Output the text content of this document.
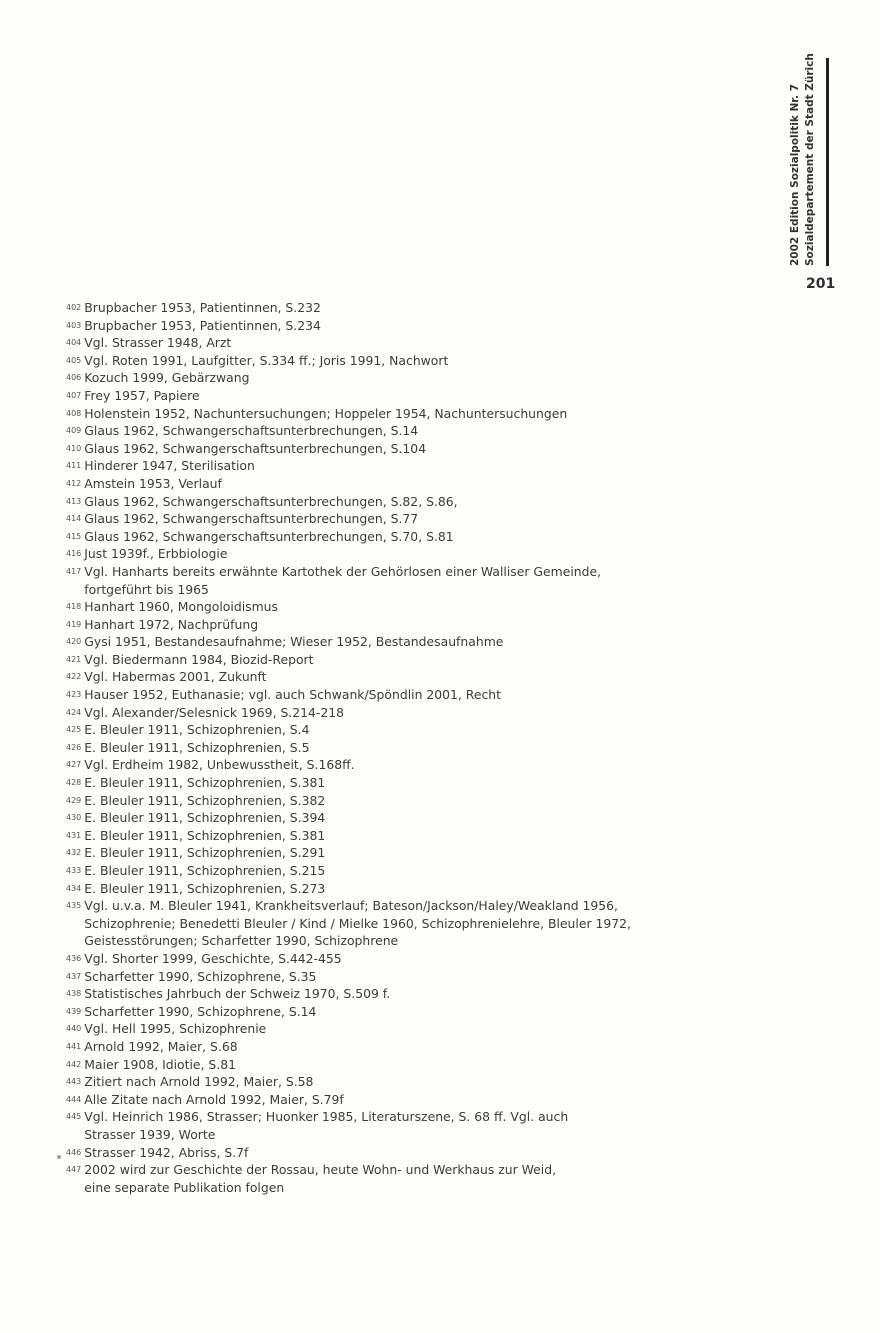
2002 Edition Sozialpolitik Nr. 7 Sozialdepartement der Stadt Zürich
201
402 Brupbacher 1953, Patientinnen, S.232
403 Brupbacher 1953, Patientinnen, S.234
404 Vgl. Strasser 1948, Arzt
405 Vgl. Roten 1991, Laufgitter, S.334 ff.; Joris 1991, Nachwort
406 Kozuch 1999, Gebärzwang
407 Frey 1957, Papiere
408 Holenstein 1952, Nachuntersuchungen; Hoppeler 1954, Nachuntersuchungen
409 Glaus 1962, Schwangerschaftsunterbrechungen, S.14
410 Glaus 1962, Schwangerschaftsunterbrechungen, S.104
411 Hinderer 1947, Sterilisation
412 Amstein 1953, Verlauf
413 Glaus 1962, Schwangerschaftsunterbrechungen, S.82, S.86,
414 Glaus 1962, Schwangerschaftsunterbrechungen, S.77
415 Glaus 1962, Schwangerschaftsunterbrechungen, S.70, S.81
416 Just 1939f., Erbbiologie
417 Vgl. Hanharts bereits erwähnte Kartothek der Gehörlosen einer Walliser Gemeinde,
fortgeführt bis 1965
418 Hanhart 1960, Mongoloidismus
419 Hanhart 1972, Nachprüfung
420 Gysi 1951, Bestandesaufnahme; Wieser 1952, Bestandesaufnahme
421 Vgl. Biedermann 1984, Biozid-Report
422 Vgl. Habermas 2001, Zukunft
423 Hauser 1952, Euthanasie; vgl. auch Schwank/Spöndlin 2001, Recht
424 Vgl. Alexander/Selesnick 1969, S.214-218
425 E. Bleuler 1911, Schizophrenien, S.4
426 E. Bleuler 1911, Schizophrenien, S.5
427 Vgl. Erdheim 1982, Unbewusstheit, S.168ff.
428 E. Bleuler 1911, Schizophrenien, S.381
429 E. Bleuler 1911, Schizophrenien, S.382
430 E. Bleuler 1911, Schizophrenien, S.394
431 E. Bleuler 1911, Schizophrenien, S.381
432 E. Bleuler 1911, Schizophrenien, S.291
433 E. Bleuler 1911, Schizophrenien, S.215
434 E. Bleuler 1911, Schizophrenien, S.273
435 Vgl. u.v.a. M. Bleuler 1941, Krankheitsverlauf; Bateson/Jackson/Haley/Weakland 1956,
Schizophrenie; Benedetti Bleuler / Kind / Mielke 1960, Schizophrenielehre, Bleuler 1972,
Geistesstörungen; Scharfetter 1990, Schizophrene
436 Vgl. Shorter 1999, Geschichte, S.442-455
437 Scharfetter 1990, Schizophrene, S.35
438 Statistisches Jahrbuch der Schweiz 1970, S.509 f.
439 Scharfetter 1990, Schizophrene, S.14
440 Vgl. Hell 1995, Schizophrenie
441 Arnold 1992, Maier, S.68
442 Maier 1908, Idiotie, S.81
443 Zitiert nach Arnold 1992, Maier, S.58
444 Alle Zitate nach Arnold 1992, Maier, S.79f
445 Vgl. Heinrich 1986, Strasser; Huonker 1985, Literaturszene, S. 68 ff. Vgl. auch
Strasser 1939, Worte
446 Strasser 1942, Abriss, S.7f
447 2002 wird zur Geschichte der Rossau, heute Wohn- und Werkhaus zur Weid,
eine separate Publikation folgen
